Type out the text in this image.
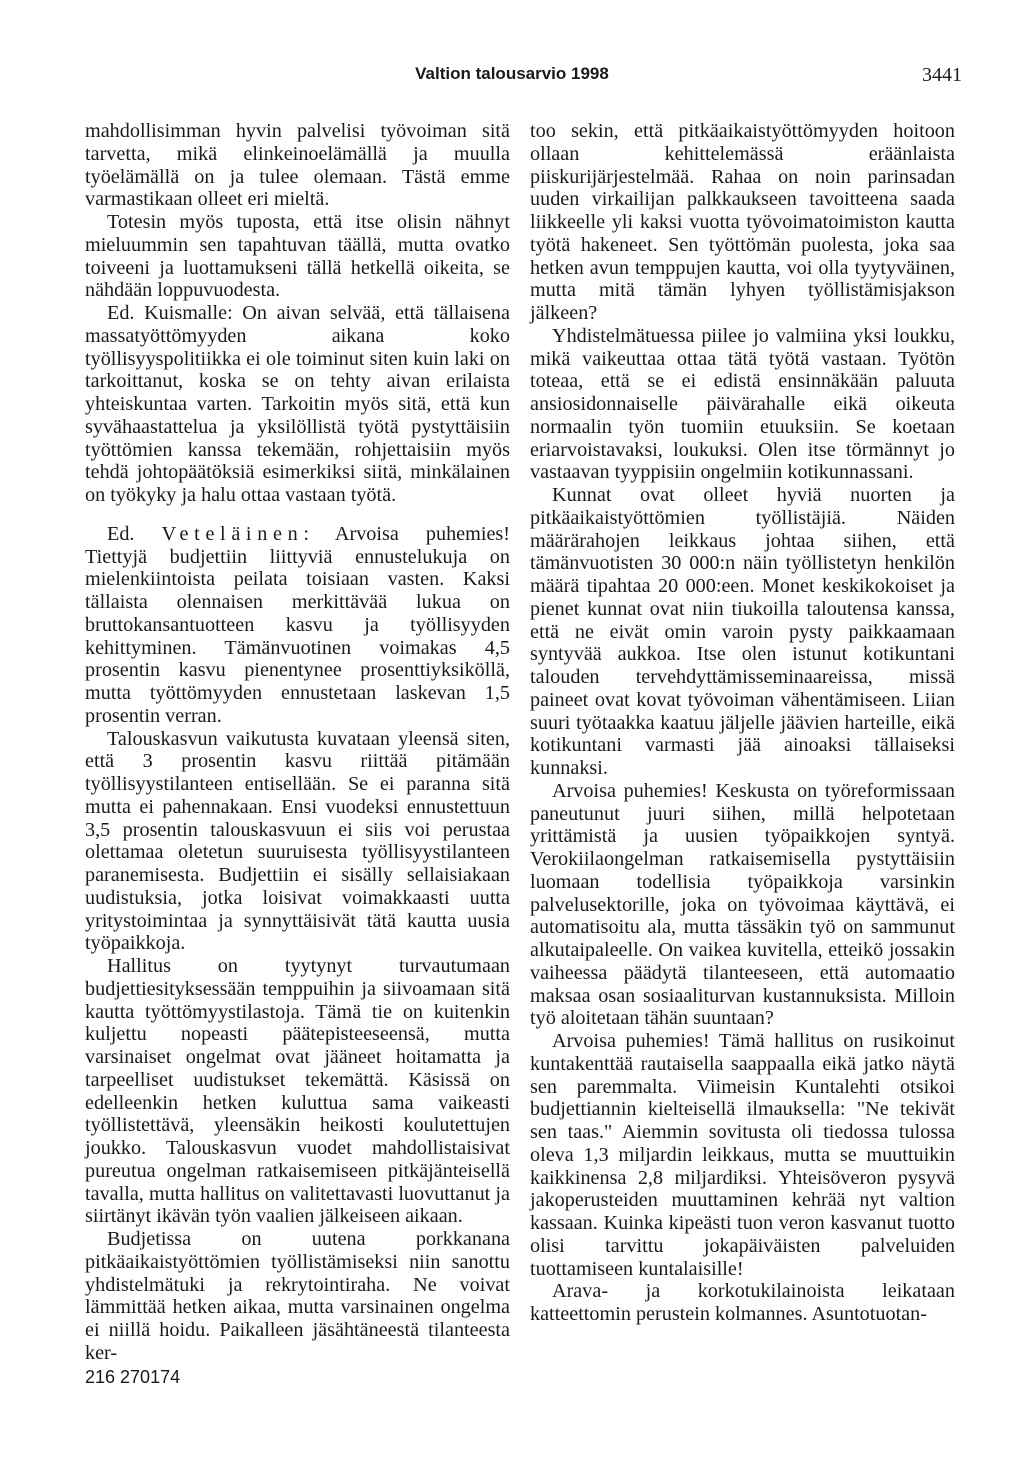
Valtion talousarvio 1998	3441

mahdollisimman hyvin palvelisi työvoiman sitä tarvetta, mikä elinkeinoelämällä ja muulla työelämällä on ja tulee olemaan. Tästä emme varmastikaan olleet eri mieltä.

Totesin myös tuposta, että itse olisin nähnyt mieluummin sen tapahtuvan täällä, mutta ovatko toiveeni ja luottamukseni tällä hetkellä oikeita, se nähdään loppuvuodesta.

Ed. Kuismalle: On aivan selvää, että tällaisena massatyöttömyyden aikana koko työllisyyspolitiikka ei ole toiminut siten kuin laki on tarkoittanut, koska se on tehty aivan erilaista yhteiskuntaa varten. Tarkoitin myös sitä, että kun syvähaastattelua ja yksilöllistä työtä pystyttäisiin työttömien kanssa tekemään, rohjettaisiin myös tehdä johtopäätöksiä esimerkiksi siitä, minkälainen on työkyky ja halu ottaa vastaan työtä.

Ed. Veteläinen: Arvoisa puhemies! Tiettyjä budjettiin liittyviä ennustelukuja on mielenkiintoista peilata toisiaan vasten. Kaksi tällaista olennaisen merkittävää lukua on bruttokansantuotteen kasvu ja työllisyyden kehittyminen. Tämänvuotinen voimakas 4,5 prosentin kasvu pienentynee prosenttiyksiköllä, mutta työttömyyden ennustetaan laskevan 1,5 prosentin verran.

Talouskasvun vaikutusta kuvataan yleensä siten, että 3 prosentin kasvu riittää pitämään työllisyystilanteen entisellään. Se ei paranna sitä mutta ei pahennakaan. Ensi vuodeksi ennustettuun 3,5 prosentin talouskasvuun ei siis voi perustaa olettamaa oletetun suuruisesta työllisyystilanteen paranemisesta. Budjettiin ei sisälly sellaisiakaan uudistuksia, jotka loisivat voimakkaasti uutta yritystoimintaa ja synnyttäisivät tätä kautta uusia työpaikkoja.

Hallitus on tyytynyt turvautumaan budjettiesityksessään temppuihin ja siivoamaan sitä kautta työttömyystilastoja. Tämä tie on kuitenkin kuljettu nopeasti päätepisteeseensä, mutta varsinaiset ongelmat ovat jääneet hoitamatta ja tarpeelliset uudistukset tekemättä. Käsissä on edelleenkin hetken kuluttua sama vaikeasti työllistettävä, yleensäkin heikosti koulutettujen joukko. Talouskasvun vuodet mahdollistaisivat pureutua ongelman ratkaisemiseen pitkäjänteisellä tavalla, mutta hallitus on valitettavasti luovuttanut ja siirtänyt ikävän työn vaalien jälkeiseen aikaan.

Budjetissa on uutena porkkanana pitkäaikaistyöttömien työllistämiseksi niin sanottu yhdistelmätuki ja rekrytointiraha. Ne voivat lämmittää hetken aikaa, mutta varsinainen ongelma ei niillä hoidu. Paikalleen jäsähtäneestä tilanteesta ker-

too sekin, että pitkäaikaistyöttömyyden hoitoon ollaan kehittelemässä eräänlaista piiskurijärjestelmää. Rahaa on noin parinsadan uuden virkailijan palkkaukseen tavoitteena saada liikkeelle yli kaksi vuotta työvoimatoimiston kautta työtä hakeneet. Sen työttömän puolesta, joka saa hetken avun temppujen kautta, voi olla tyytyväinen, mutta mitä tämän lyhyen työllistämisjakson jälkeen?

Yhdistelmätuessa piilee jo valmiina yksi loukku, mikä vaikeuttaa ottaa tätä työtä vastaan. Työtön toteaa, että se ei edistä ensinnäkään paluuta ansiosidonnaiselle päivärahalle eikä oikeuta normaalin työn tuomiin etuuksiin. Se koetaan eriarvoistavaksi, loukuksi. Olen itse törmännyt jo vastaavan tyyppisiin ongelmiin kotikunnassani.

Kunnat ovat olleet hyviä nuorten ja pitkäaikaistyöttömien työllistäjiä. Näiden määrärahojen leikkaus johtaa siihen, että tämänvuotisten 30 000:n näin työllistetyn henkilön määrä tipahtaa 20 000:een. Monet keskikokoiset ja pienet kunnat ovat niin tiukoilla taloutensa kanssa, että ne eivät omin varoin pysty paikkaamaan syntyvää aukkoa. Itse olen istunut kotikuntani talouden tervehdyttämisseminaareissa, missä paineet ovat kovat työvoiman vähentämiseen. Liian suuri työtaakka kaatuu jäljelle jäävien harteille, eikä kotikuntani varmasti jää ainoaksi tällaiseksi kunnaksi.

Arvoisa puhemies! Keskusta on työreformissaan paneutunut juuri siihen, millä helpotetaan yrittämistä ja uusien työpaikkojen syntyä. Verokiilaongelman ratkaisemisella pystyttäisiin luomaan todellisia työpaikkoja varsinkin palvelusektorille, joka on työvoimaa käyttävä, ei automatisoitu ala, mutta tässäkin työ on sammunut alkutaipaleelle. On vaikea kuvitella, etteikö jossakin vaiheessa päädytä tilanteeseen, että automaatio maksaa osan sosiaaliturvan kustannuksista. Milloin työ aloitetaan tähän suuntaan?

Arvoisa puhemies! Tämä hallitus on rusikoinut kuntakenttää rautaisella saappaalla eikä jatko näytä sen paremmalta. Viimeisin Kuntalehti otsikoi budjettiannin kielteisellä ilmauksella: "Ne tekivät sen taas." Aiemmin sovitusta oli tiedossa tulossa oleva 1,3 miljardin leikkaus, mutta se muuttuikin kaikkinensa 2,8 miljardiksi. Yhteisöveron pysyvä jakoperusteiden muuttaminen kehrää nyt valtion kassaan. Kuinka kipeästi tuon veron kasvanut tuotto olisi tarvittu jokapäiväisten palveluiden tuottamiseen kuntalaisille!

Arava- ja korkotukilainoista leikataan katteettomin perustein kolmannes. Asuntotuotan-

216 270174
